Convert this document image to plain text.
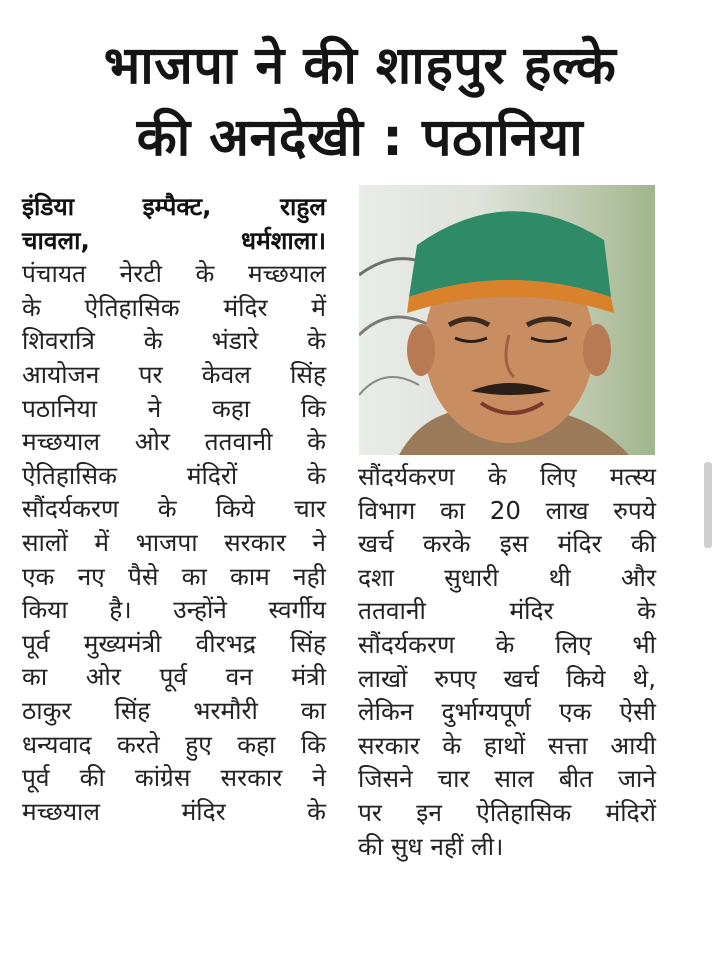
भाजपा ने की शाहपुर हल्के
की अनदेखी : पठानिया
इंडिया इम्पैक्ट, राहुल
चावला, धर्मशाला।
पंचायत नेरटी के मच्छयाल
के ऐतिहासिक मंदिर में
शिवरात्रि के भंडारे के
आयोजन पर केवल सिंह
पठानिया ने कहा कि
मच्छयाल ओर ततवानी के
ऐतिहासिक मंदिरों के
सौंदर्यकरण के किये चार
सालों में भाजपा सरकार ने
एक नए पैसे का काम नही
किया है। उन्होंने स्वर्गीय
पूर्व मुख्यमंत्री वीरभद्र सिंह
का ओर पूर्व वन मंत्री
ठाकुर सिंह भरमौरी का
धन्यवाद करते हुए कहा कि
पूर्व की कांग्रेस सरकार ने
मच्छयाल मंदिर के
सौंदर्यकरण के लिए मत्स्य
विभाग का 20 लाख रुपये
खर्च करके इस मंदिर की
दशा सुधारी थी और
ततवानी मंदिर के
सौंदर्यकरण के लिए भी
लाखों रुपए खर्च किये थे,
लेकिन दुर्भाग्यपूर्ण एक ऐसी
सरकार के हाथों सत्ता आयी
जिसने चार साल बीत जाने
पर इन ऐतिहासिक मंदिरों
की सुध नहीं ली।
